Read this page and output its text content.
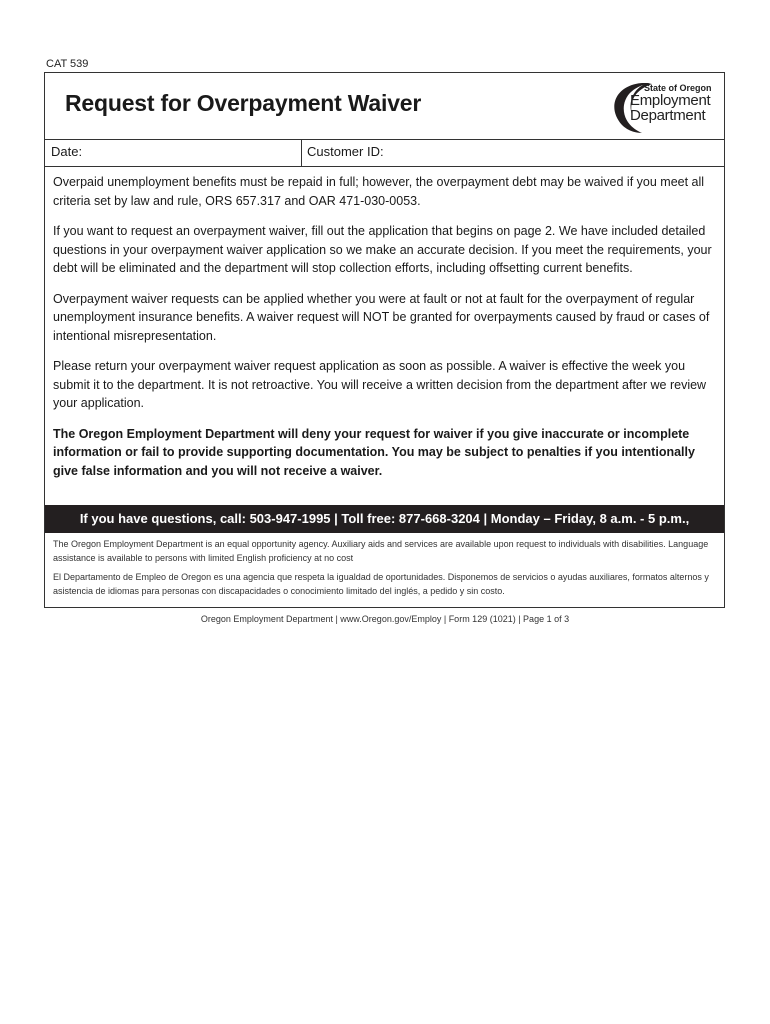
CAT 539
Request for Overpayment Waiver
State of Oregon
Employment
Department
Date:	Customer ID:

Overpaid unemployment benefits must be repaid in full; however, the overpayment debt may be waived if you meet all criteria set by law and rule, ORS 657.317 and OAR 471-030-0053.

If you want to request an overpayment waiver, fill out the application that begins on page 2. We have included detailed questions in your overpayment waiver application so we make an accurate decision. If you meet the requirements, your debt will be eliminated and the department will stop collection efforts, including offsetting current benefits.

Overpayment waiver requests can be applied whether you were at fault or not at fault for the overpayment of regular unemployment insurance benefits. A waiver request will NOT be granted for overpayments caused by fraud or cases of intentional misrepresentation.

Please return your overpayment waiver request application as soon as possible. A waiver is effective the week you submit it to the department. It is not retroactive. You will receive a written decision from the department after we review your application.

The Oregon Employment Department will deny your request for waiver if you give inaccurate or incomplete information or fail to provide supporting documentation. You may be subject to penalties if you intentionally give false information and you will not receive a waiver.

If you have questions, call: 503-947-1995 | Toll free: 877-668-3204 | Monday – Friday, 8 a.m. - 5 p.m.,

The Oregon Employment Department is an equal opportunity agency. Auxiliary aids and services are available upon request to individuals with disabilities. Language assistance is available to persons with limited English proficiency at no cost

El Departamento de Empleo de Oregon es una agencia que respeta la igualdad de oportunidades. Disponemos de servicios o ayudas auxiliares, formatos alternos y asistencia de idiomas para personas con discapacidades o conocimiento limitado del inglés, a pedido y sin costo.

Oregon Employment Department | www.Oregon.gov/Employ | Form 129 (1021) | Page 1 of 3
